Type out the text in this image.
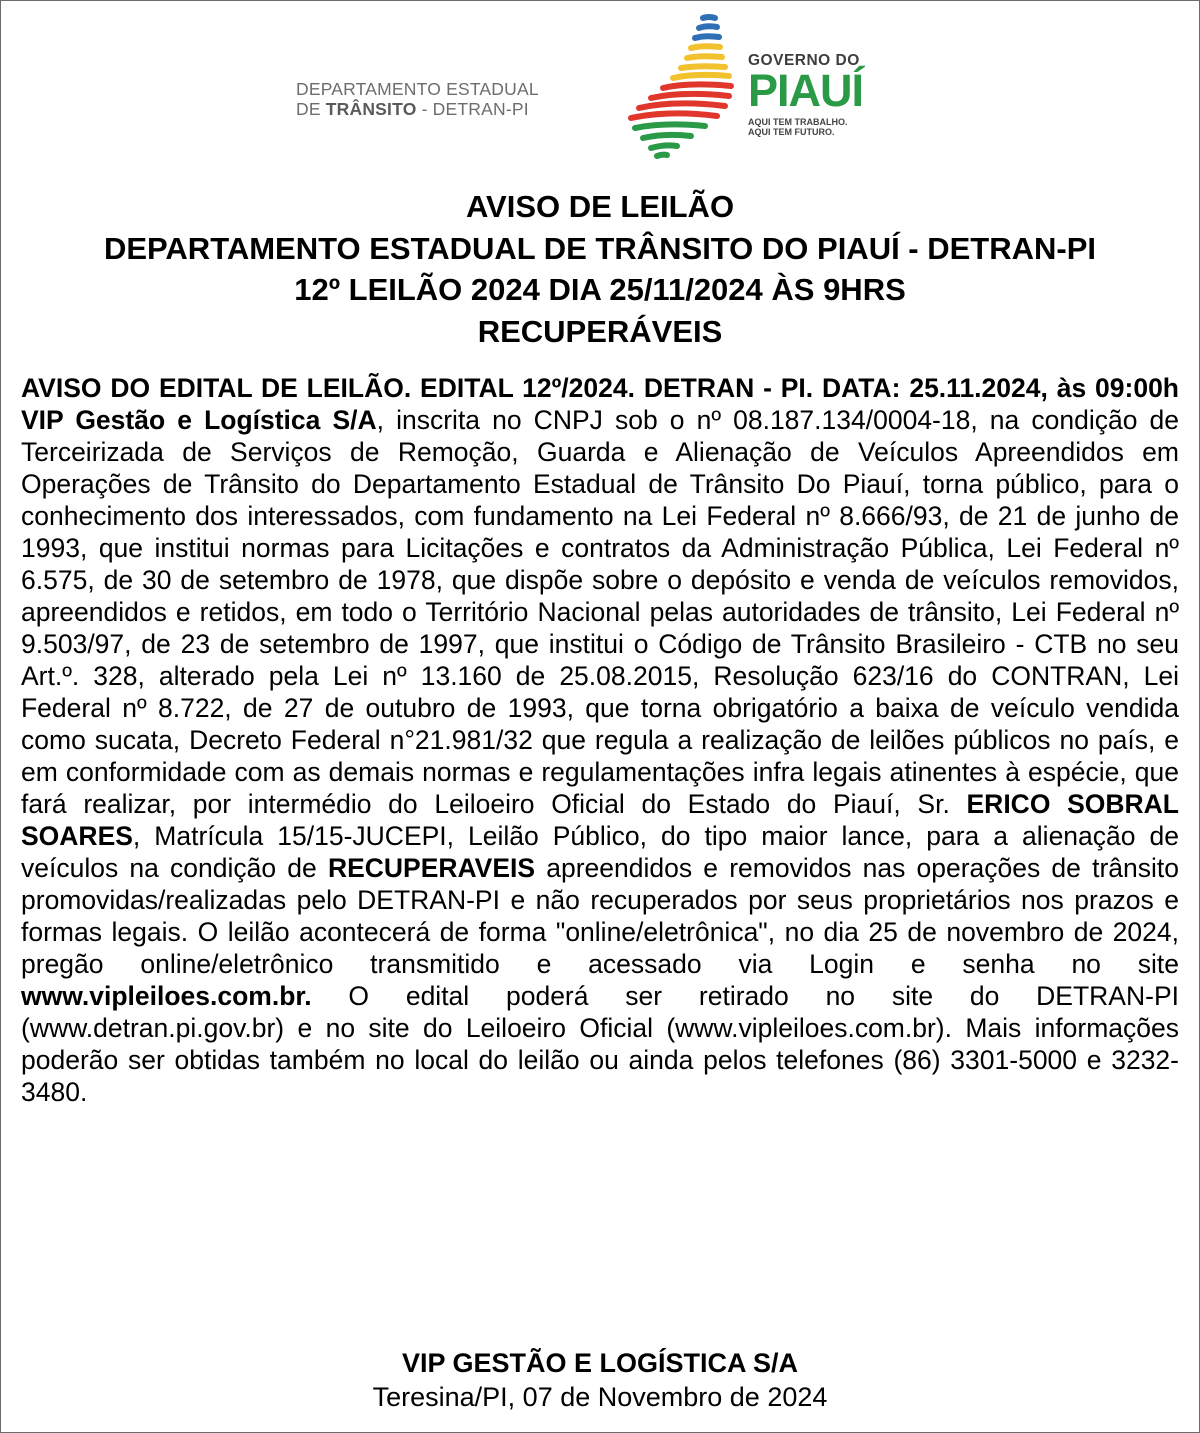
DEPARTAMENTO ESTADUAL
DE TRÂNSITO - DETRAN-PI
GOVERNO DO
PIAUÍ
AQUI TEM TRABALHO.
AQUI TEM FUTURO.
AVISO DE LEILÃO
DEPARTAMENTO ESTADUAL DE TRÂNSITO DO PIAUÍ - DETRAN-PI
12º LEILÃO 2024 DIA 25/11/2024 ÀS 9HRS
RECUPERÁVEIS
AVISO DO EDITAL DE LEILÃO. EDITAL 12º/2024. DETRAN - PI. DATA: 25.11.2024, às 09:00h VIP Gestão e Logística S/A, inscrita no CNPJ sob o nº 08.187.134/0004-18, na condição de Terceirizada de Serviços de Remoção, Guarda e Alienação de Veículos Apreendidos em Operações de Trânsito do Departamento Estadual de Trânsito Do Piauí, torna público, para o conhecimento dos interessados, com fundamento na Lei Federal nº 8.666/93, de 21 de junho de 1993, que institui normas para Licitações e contratos da Administração Pública, Lei Federal nº 6.575, de 30 de setembro de 1978, que dispõe sobre o depósito e venda de veículos removidos, apreendidos e retidos, em todo o Território Nacional pelas autoridades de trânsito, Lei Federal nº 9.503/97, de 23 de setembro de 1997, que institui o Código de Trânsito Brasileiro - CTB no seu Art.º. 328, alterado pela Lei nº 13.160 de 25.08.2015, Resolução 623/16 do CONTRAN, Lei Federal nº 8.722, de 27 de outubro de 1993, que torna obrigatório a baixa de veículo vendida como sucata, Decreto Federal n°21.981/32 que regula a realização de leilões públicos no país, e em conformidade com as demais normas e regulamentações infra legais atinentes à espécie, que fará realizar, por intermédio do Leiloeiro Oficial do Estado do Piauí, Sr. ERICO SOBRAL SOARES, Matrícula 15/15-JUCEPI, Leilão Público, do tipo maior lance, para a alienação de veículos na condição de RECUPERAVEIS apreendidos e removidos nas operações de trânsito promovidas/realizadas pelo DETRAN-PI e não recuperados por seus proprietários nos prazos e formas legais. O leilão acontecerá de forma "online/eletrônica", no dia 25 de novembro de 2024, pregão online/eletrônico transmitido e acessado via Login e senha no site www.vipleiloes.com.br. O edital poderá ser retirado no site do DETRAN-PI (www.detran.pi.gov.br) e no site do Leiloeiro Oficial (www.vipleiloes.com.br). Mais informações poderão ser obtidas também no local do leilão ou ainda pelos telefones (86) 3301-5000 e 3232-3480.
VIP GESTÃO E LOGÍSTICA S/A
Teresina/PI, 07 de Novembro de 2024
